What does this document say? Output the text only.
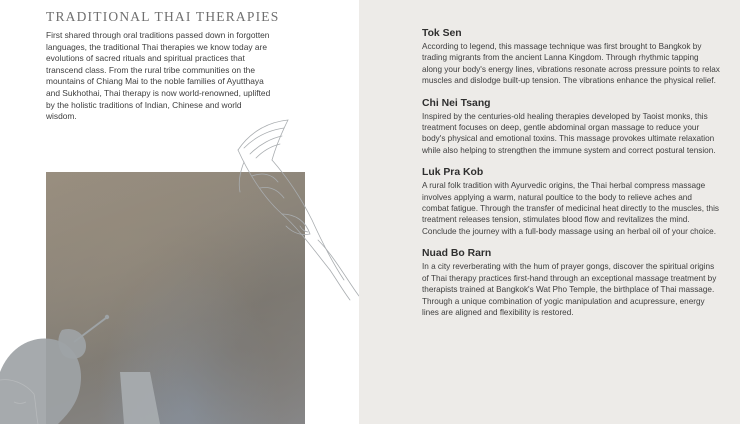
TRADITIONAL THAI THERAPIES

First shared through oral traditions passed down in forgotten languages, the traditional Thai therapies we know today are evolutions of sacred rituals and spiritual practices that transcend class. From the rural tribe communities on the mountains of Chiang Mai to the noble families of Ayutthaya and Sukhothai, Thai therapy is now world-renowned, uplifted by the holistic traditions of Indian, Chinese and world wisdom.

Tok Sen

According to legend, this massage technique was first brought to Bangkok by trading migrants from the ancient Lanna Kingdom. Through rhythmic tapping along your body's energy lines, vibrations resonate across pressure points to relax muscles and dislodge built-up tension. The vibrations enhance the physical relief.

Chi Nei Tsang

Inspired by the centuries-old healing therapies developed by Taoist monks, this treatment focuses on deep, gentle abdominal organ massage to reduce your body's physical and emotional toxins. This massage provokes ultimate relaxation while also helping to strengthen the immune system and correct postural tension.

Luk Pra Kob

A rural folk tradition with Ayurvedic origins, the Thai herbal compress massage involves applying a warm, natural poultice to the body to relieve aches and combat fatigue. Through the transfer of medicinal heat directly to the muscles, this treatment releases tension, stimulates blood flow and revitalizes the mind. Conclude the journey with a full-body massage using an herbal oil of your choice.

Nuad Bo Rarn

In a city reverberating with the hum of prayer gongs, discover the spiritual origins of Thai therapy practices first-hand through an exceptional massage treatment by therapists trained at Bangkok's Wat Pho Temple, the birthplace of Thai massage. Through a unique combination of yogic manipulation and acupressure, energy lines are aligned and flexibility is restored.
